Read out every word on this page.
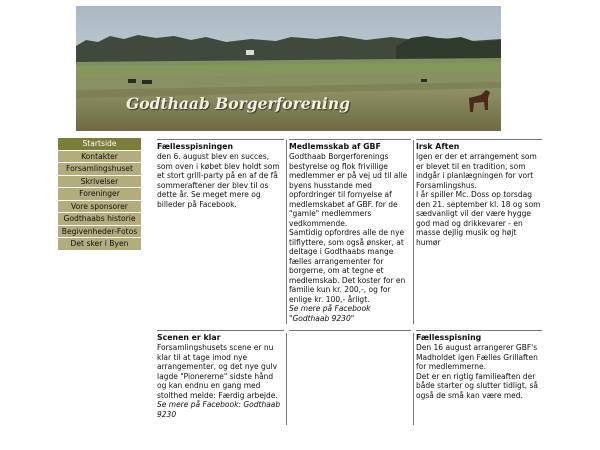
Godthaab Borgerforening
Startside
Kontakter
Forsamlingshuset
Skrivelser
Foreninger
Vore sponsorer
Godthaabs historie
Begivenheder-Fotos
Det sker i Byen
Fællesspisningen

den 6. august blev en succes, som oven i købet blev holdt som et stort grill-party på en af de få sommeraftener der blev til os dette år. Se meget mere og billeder på Facebook.

Medlemsskab af GBF

Godthaab Borgerforenings bestyrelse og flok frivillige medlemmer er på vej ud til alle byens husstande med opfordringer til fornyelse af medlemskabet af GBF. for de "gamle" medlemmers vedkommende.

Samtidig opfordres alle de nye tilflyttere, som også ønsker, at deltage i Godthaabs mange fælles arrangementer for borgerne, om at tegne et medlemskab. Det koster for en familie kun kr. 200,-, og for enlige kr. 100,- årligt.

Se mere på Facebook "Godthaab 9230"
Irsk Aften

Igen er der et arrangement som er blevet til en tradition, som indgår i planlægningen for vort Forsamlingshus.

I år spiller Mc. Doss op torsdag den 21. september kl. 18 og som sædvanligt vil der være hygge god mad og drikkevarer - en masse dejlig musik og højt humør

Scenen er klar

Forsamlingshusets scene er nu klar til at tage imod nye arrangementer, og det nye gulv lagde "Pionererne" sidste hånd og kan endnu en gang med stolthed melde: Færdig arbejde.

Se mere på Facebook: Godthaab 9230
Fællesspisning

Den 16 august arrangerer GBF's Madholdet igen Fælles Grillaften for medlemmerne.

Det er en rigtig familieaften der både starter og slutter tidligt, så også de små kan være med.
